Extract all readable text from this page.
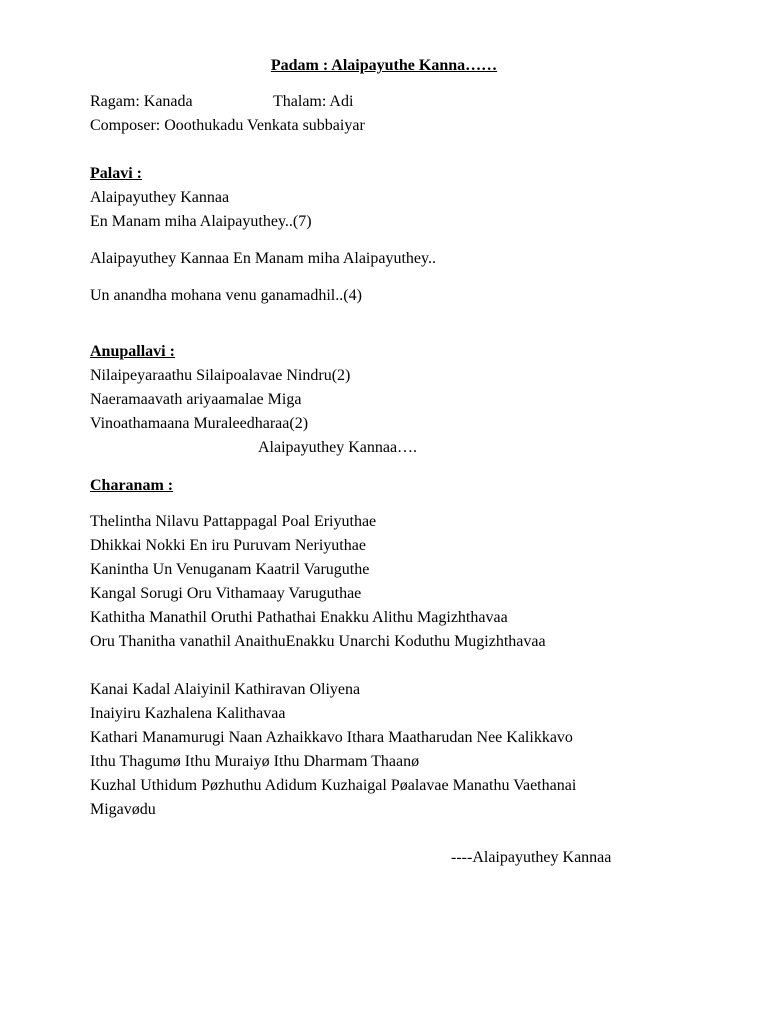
Padam : Alaipayuthe Kanna……
Ragam: Kanada	Thalam: Adi
Composer: Ooothukadu Venkata subbaiyar
Palavi :
Alaipayuthey Kannaa
En Manam miha Alaipayuthey..(7)
Alaipayuthey Kannaa En Manam miha Alaipayuthey..
Un anandha mohana venu ganamadhil..(4)
Anupallavi :
Nilaipeyaraathu Silaipoalavae Nindru(2)
Naeramaavath ariyaamalae Miga
Vinoathamaana Muraleedharaa(2)
Alaipayuthey Kannaa….
Charanam :
Thelintha Nilavu Pattappagal Poal Eriyuthae
Dhikkai Nokki En iru Puruvam Neriyuthae
Kanintha Un Venuganam Kaatril Varuguthe
Kangal Sorugi Oru Vithamaay Varuguthae
Kathitha Manathil Oruthi Pathathai Enakku Alithu Magizhthavaa
Oru Thanitha vanathil AnaithuEnakku Unarchi Koduthu Mugizhthavaa
Kanai Kadal Alaiyinil Kathiravan Oliyena
Inaiyiru Kazhalena Kalithavaa
Kathari Manamurugi Naan Azhaikkavo Ithara Maatharudan Nee Kalikkavo
Ithu Thagumø Ithu Muraiyø Ithu Dharmam Thaanø
Kuzhal Uthidum Pøzhuthu Adidum Kuzhaigal Pøalavae Manathu Vaethanai
Migavødu
----Alaipayuthey Kannaa
